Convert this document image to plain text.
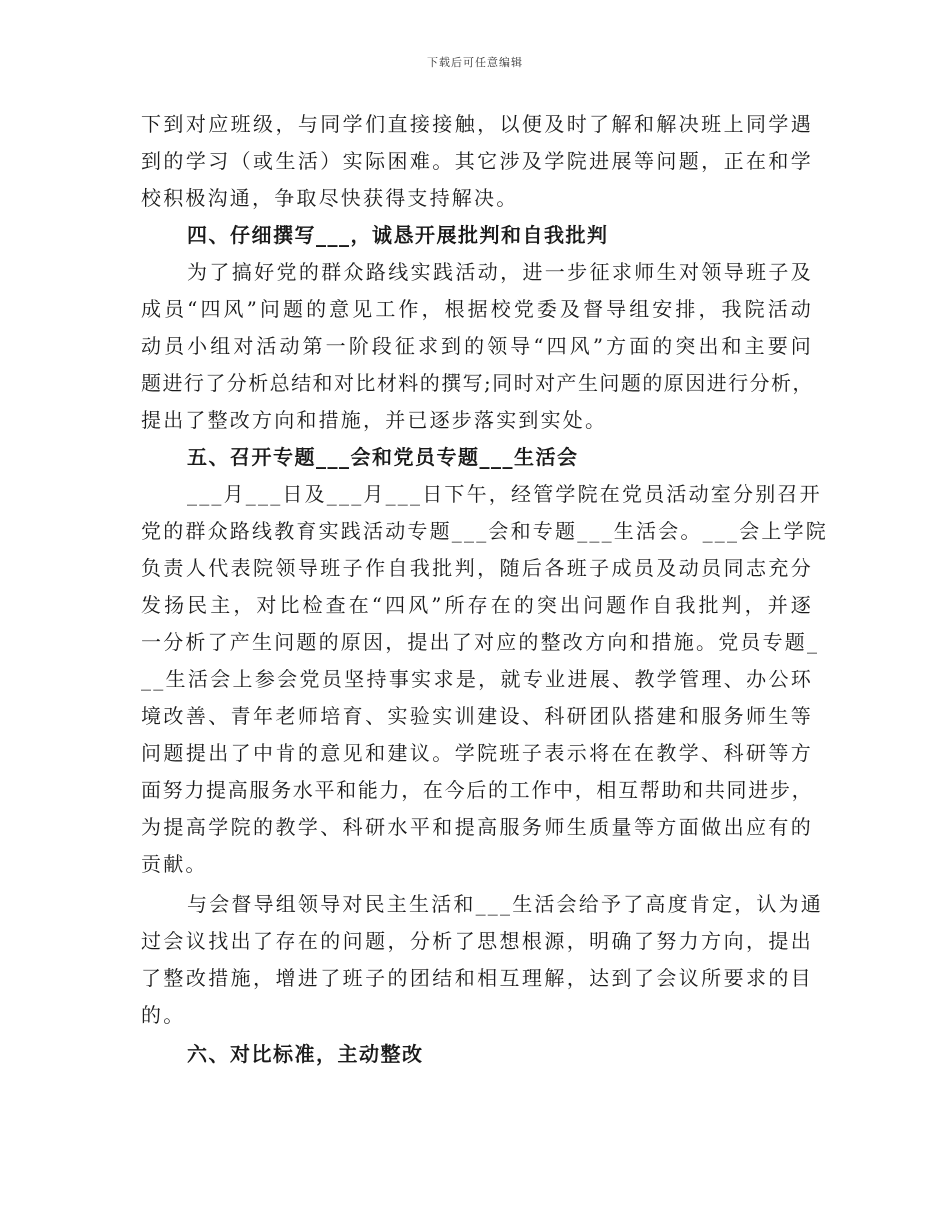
下载后可任意编辑
下到对应班级，与同学们直接接触，以便及时了解和解决班上同学遇
到的学习（或生活）实际困难。其它涉及学院进展等问题，正在和学
校积极沟通，争取尽快获得支持解决。
四、仔细撰写___，诚恳开展批判和自我批判
为了搞好党的群众路线实践活动，进一步征求师生对领导班子及
成员“四风”问题的意见工作，根据校党委及督导组安排，我院活动
动员小组对活动第一阶段征求到的领导“四风”方面的突出和主要问
题进行了分析总结和对比材料的撰写;同时对产生问题的原因进行分析，
提出了整改方向和措施，并已逐步落实到实处。
五、召开专题___会和党员专题___生活会
___月___日及___月___日下午，经管学院在党员活动室分别召开
党的群众路线教育实践活动专题___会和专题___生活会。___会上学院
负责人代表院领导班子作自我批判，随后各班子成员及动员同志充分
发扬民主，对比检查在“四风”所存在的突出问题作自我批判，并逐
一分析了产生问题的原因，提出了对应的整改方向和措施。党员专题_
__生活会上参会党员坚持事实求是，就专业进展、教学管理、办公环
境改善、青年老师培育、实验实训建设、科研团队搭建和服务师生等
问题提出了中肯的意见和建议。学院班子表示将在在教学、科研等方
面努力提高服务水平和能力，在今后的工作中，相互帮助和共同进步，
为提高学院的教学、科研水平和提高服务师生质量等方面做出应有的
贡献。
与会督导组领导对民主生活和___生活会给予了高度肯定，认为通
过会议找出了存在的问题，分析了思想根源，明确了努力方向，提出
了整改措施，增进了班子的团结和相互理解，达到了会议所要求的目
的。
六、对比标准，主动整改
